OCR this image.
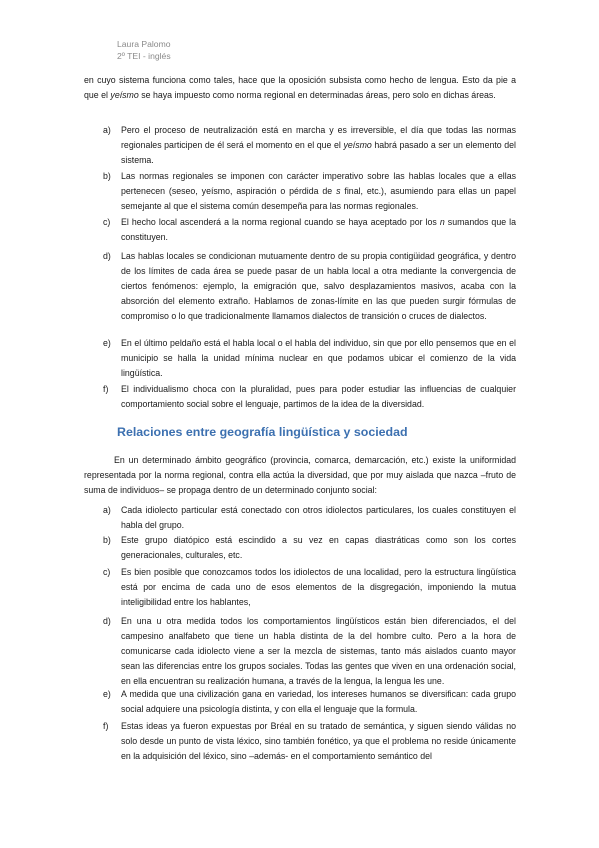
Laura Palomo
2º TEI - inglés
en cuyo sistema funciona como tales, hace que la oposición subsista como hecho de lengua. Esto da pie a que el yeísmo se haya impuesto como norma regional en determinadas áreas, pero solo en dichas áreas.
a) Pero el proceso de neutralización está en marcha y es irreversible, el día que todas las normas regionales participen de él será el momento en el que el yeísmo habrá pasado a ser un elemento del sistema.
b) Las normas regionales se imponen con carácter imperativo sobre las hablas locales que a ellas pertenecen (seseo, yeísmo, aspiración o pérdida de s final, etc.), asumiendo para ellas un papel semejante al que el sistema común desempeña para las normas regionales.
c) El hecho local ascenderá a la norma regional cuando se haya aceptado por los n sumandos que la constituyen.
d) Las hablas locales se condicionan mutuamente dentro de su propia contigüidad geográfica, y dentro de los límites de cada área se puede pasar de un habla local a otra mediante la convergencia de ciertos fenómenos: ejemplo, la emigración que, salvo desplazamientos masivos, acaba con la absorción del elemento extraño. Hablamos de zonas-límite en las que pueden surgir fórmulas de compromiso o lo que tradicionalmente llamamos dialectos de transición o cruces de dialectos.
e) En el último peldaño está el habla local o el habla del individuo, sin que por ello pensemos que en el municipio se halla la unidad mínima nuclear en que podamos ubicar el comienzo de la vida lingüística.
f) El individualismo choca con la pluralidad, pues para poder estudiar las influencias de cualquier comportamiento social sobre el lenguaje, partimos de la idea de la diversidad.
Relaciones entre geografía lingüística y sociedad
En un determinado ámbito geográfico (provincia, comarca, demarcación, etc.) existe la uniformidad representada por la norma regional, contra ella actúa la diversidad, que por muy aislada que nazca –fruto de suma de individuos– se propaga dentro de un determinado conjunto social:
a) Cada idiolecto particular está conectado con otros idiolectos particulares, los cuales constituyen el habla del grupo.
b) Este grupo diatópico está escindido a su vez en capas diastráticas como son los cortes generacionales, culturales, etc.
c) Es bien posible que conozcamos todos los idiolectos de una localidad, pero la estructura lingüística está por encima de cada uno de esos elementos de la disgregación, imponiendo la mutua inteligibilidad entre los hablantes,
d) En una u otra medida todos los comportamientos lingüísticos están bien diferenciados, el del campesino analfabeto que tiene un habla distinta de la del hombre culto. Pero a la hora de comunicarse cada idiolecto viene a ser la mezcla de sistemas, tanto más aislados cuanto mayor sean las diferencias entre los grupos sociales. Todas las gentes que viven en una ordenación social, en ella encuentran su realización humana, a través de la lengua, la lengua les une.
e) A medida que una civilización gana en variedad, los intereses humanos se diversifican: cada grupo social adquiere una psicología distinta, y con ella el lenguaje que la formula.
f) Estas ideas ya fueron expuestas por Bréal en su tratado de semántica, y siguen siendo válidas no solo desde un punto de vista léxico, sino también fonético, ya que el problema no reside únicamente en la adquisición del léxico, sino –además- en el comportamiento semántico del
